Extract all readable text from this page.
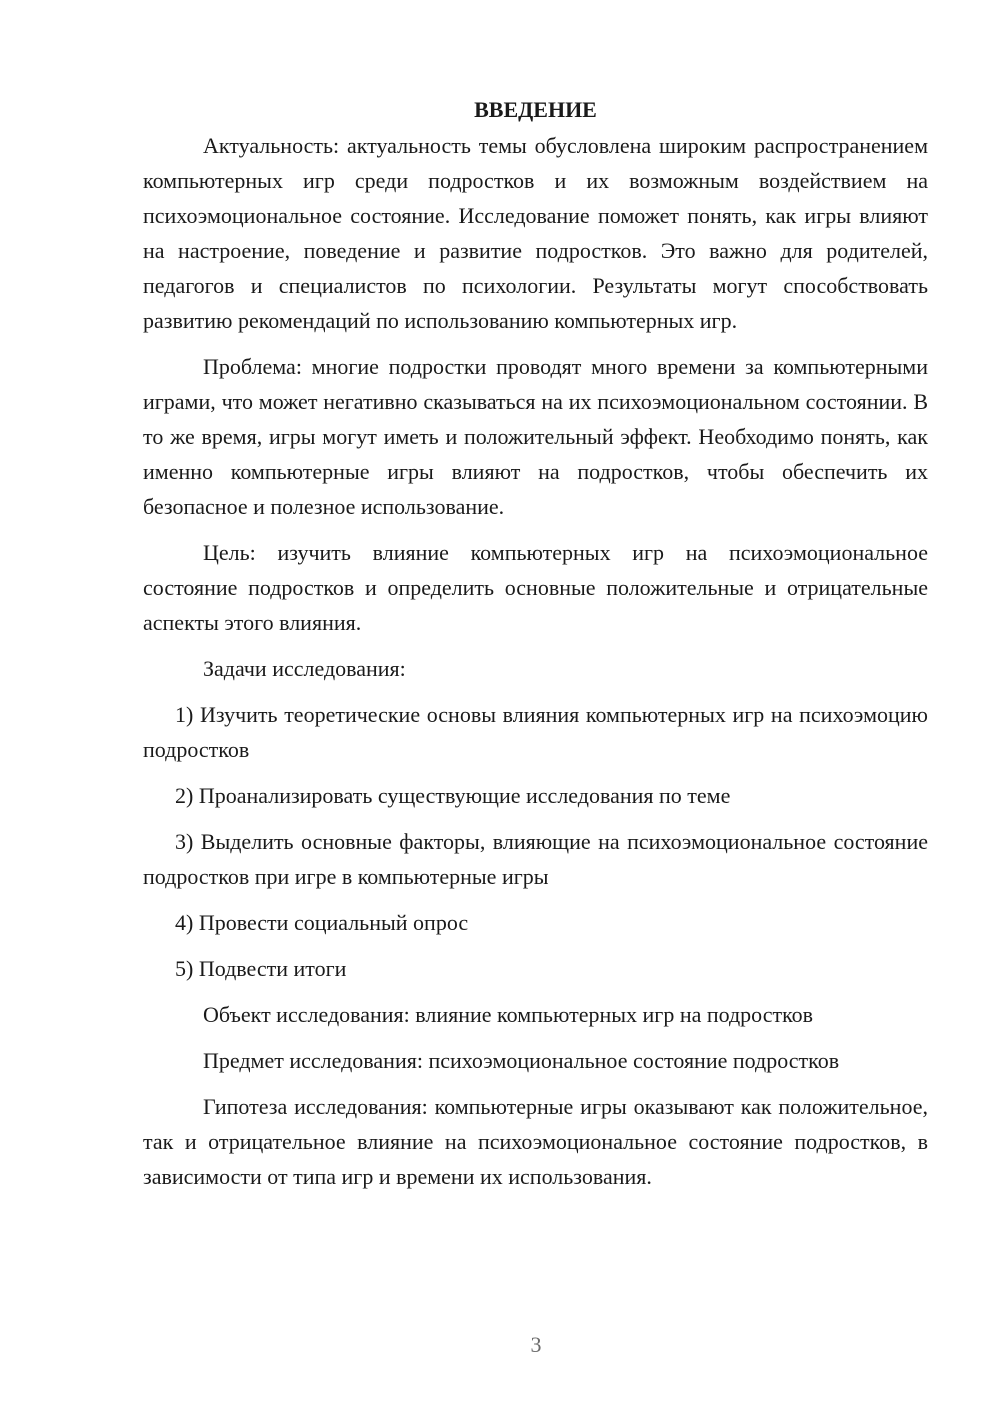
ВВЕДЕНИЕ

Актуальность: актуальность темы обусловлена широким распространением компьютерных игр среди подростков и их возможным воздействием на психоэмоциональное состояние. Исследование поможет понять, как игры влияют на настроение, поведение и развитие подростков. Это важно для родителей, педагогов и специалистов по психологии. Результаты могут способствовать развитию рекомендаций по использованию компьютерных игр.

Проблема: многие подростки проводят много времени за компьютерными играми, что может негативно сказываться на их психоэмоциональном состоянии. В то же время, игры могут иметь и положительный эффект. Необходимо понять, как именно компьютерные игры влияют на подростков, чтобы обеспечить их безопасное и полезное использование.

Цель: изучить влияние компьютерных игр на психоэмоциональное состояние подростков и определить основные положительные и отрицательные аспекты этого влияния.

Задачи исследования:

1) Изучить теоретические основы влияния компьютерных игр на психоэмоцию подростков

2) Проанализировать существующие исследования по теме

3) Выделить основные факторы, влияющие на психоэмоциональное состояние подростков при игре в компьютерные игры

4) Провести социальный опрос

5) Подвести итоги

Объект исследования: влияние компьютерных игр на подростков

Предмет исследования: психоэмоциональное состояние подростков

Гипотеза исследования: компьютерные игры оказывают как положительное, так и отрицательное влияние на психоэмоциональное состояние подростков, в зависимости от типа игр и времени их использования.

3
